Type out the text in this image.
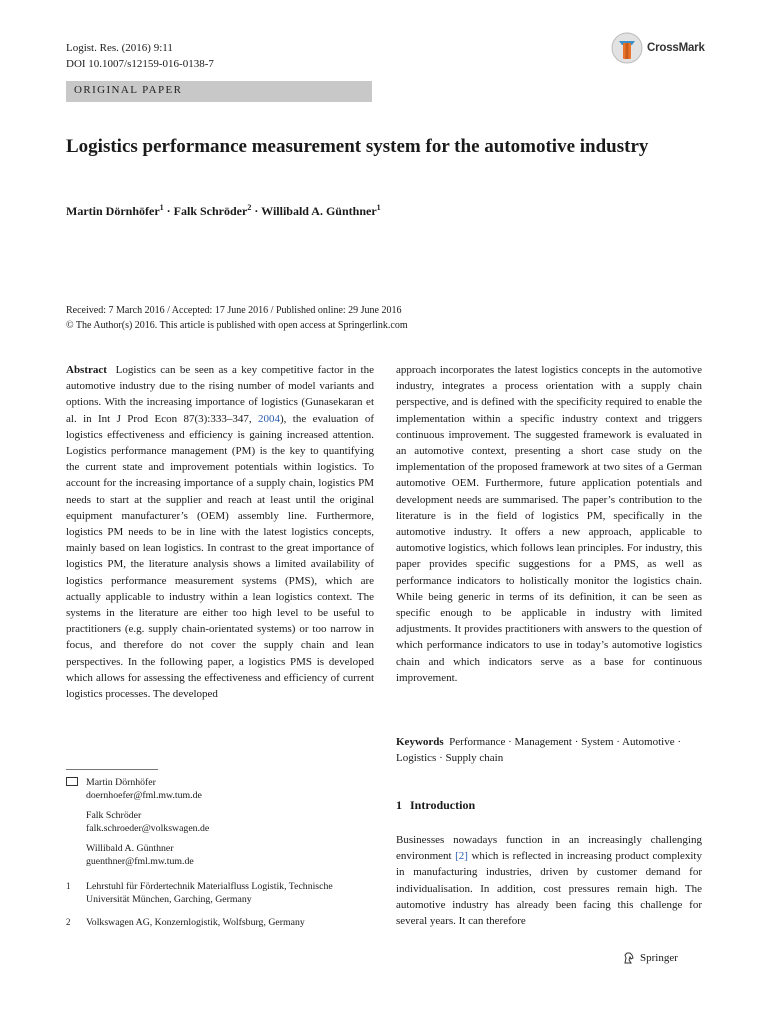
Logist. Res. (2016) 9:11
DOI 10.1007/s12159-016-0138-7
CrossMark
ORIGINAL PAPER
Logistics performance measurement system for the automotive industry
Martin Dörnhöfer$^1$ · Falk Schröder$^2$ · Willibald A. Günthner$^1$
Received: 7 March 2016 / Accepted: 17 June 2016 / Published online: 29 June 2016
© The Author(s) 2016. This article is published with open access at Springerlink.com
Abstract Logistics can be seen as a key competitive factor in the automotive industry due to the rising number of model variants and options. With the increasing importance of logistics (Gunasekaran et al. in Int J Prod Econ 87(3):333–347, 2004), the evaluation of logistics effectiveness and efficiency is gaining increased attention. Logistics performance management (PM) is the key to quantifying the current state and improvement potentials within logistics. To account for the increasing importance of a supply chain, logistics PM needs to start at the supplier and reach at least until the original equipment manufacturer’s (OEM) assembly line. Furthermore, logistics PM needs to be in line with the latest logistics concepts, mainly based on lean logistics. In contrast to the great importance of logistics PM, the literature analysis shows a limited availability of logistics performance measurement systems (PMS), which are actually applicable to industry within a lean logistics context. The systems in the literature are either too high level to be useful to practitioners (e.g. supply chain-orientated systems) or too narrow in focus, and therefore do not cover the supply chain and lean perspectives. In the following paper, a logistics PMS is developed which allows for assessing the effectiveness and efficiency of current logistics processes. The developed
approach incorporates the latest logistics concepts in the automotive industry, integrates a process orientation with a supply chain perspective, and is defined with the specificity required to enable the implementation within a specific industry context and triggers continuous improvement. The suggested framework is evaluated in an automotive context, presenting a short case study on the implementation of the proposed framework at two sites of a German automotive OEM. Furthermore, future application potentials and development needs are summarised. The paper’s contribution to the literature is in the field of logistics PM, specifically in the automotive industry. It offers a new approach, applicable to automotive logistics, which follows lean principles. For industry, this paper provides specific suggestions for a PMS, as well as performance indicators to holistically monitor the logistics chain. While being generic in terms of its definition, it can be seen as specific enough to be applicable in industry with limited adjustments. It provides practitioners with answers to the question of which performance indicators to use in today’s automotive logistics chain and which indicators serve as a base for continuous improvement.
Keywords Performance · Management · System · Automotive · Logistics · Supply chain
Martin Dörnhöfer
doernhoefer@fml.mw.tum.de
Falk Schröder
falk.schroeder@volkswagen.de
Willibald A. Günthner
guenthner@fml.mw.tum.de
1 Lehrstuhl für Fördertechnik Materialfluss Logistik, Technische Universität München, Garching, Germany
2 Volkswagen AG, Konzernlogistik, Wolfsburg, Germany
1 Introduction
Businesses nowadays function in an increasingly challenging environment [2] which is reflected in increasing product complexity in manufacturing industries, driven by customer demand for individualisation. In addition, cost pressures remain high. The automotive industry has already been facing this challenge for several years. It can therefore
Springer
